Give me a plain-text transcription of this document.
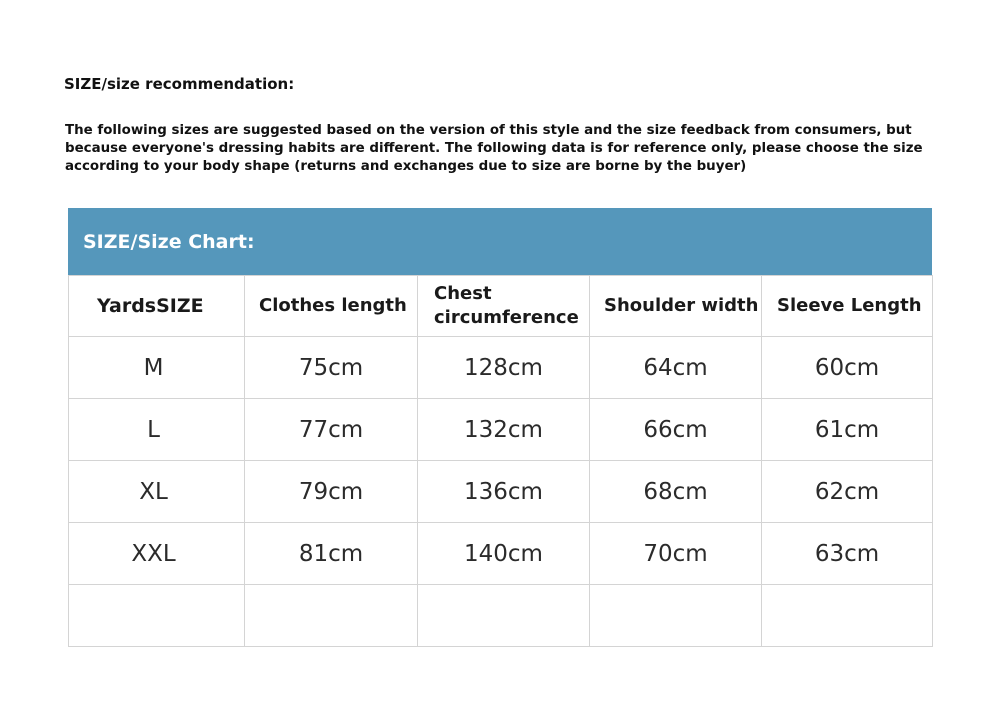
SIZE/size recommendation:
The following sizes are suggested based on the version of this style and the size feedback from consumers, but because everyone's dressing habits are different. The following data is for reference only, please choose the size according to your body shape (returns and exchanges due to size are borne by the buyer)
SIZE/Size Chart:
YardsSIZE	Clothes length	Chest circumference	Shoulder width	Sleeve Length

M	75cm	128cm	64cm	60cm
L	77cm	132cm	66cm	61cm
XL	79cm	136cm	68cm	62cm
XXL	81cm	140cm	70cm	63cm
